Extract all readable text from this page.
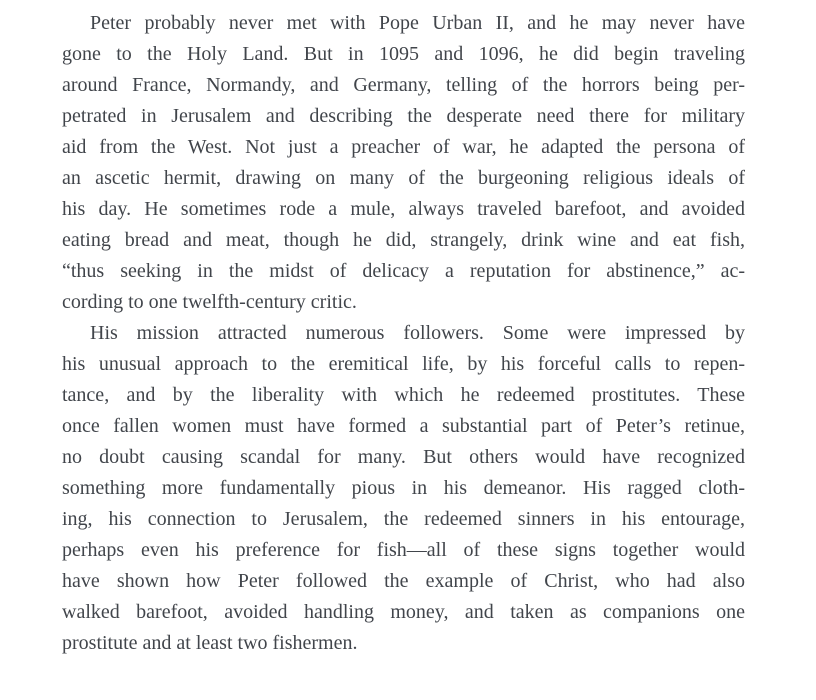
Peter probably never met with Pope Urban II, and he may never have
gone to the Holy Land. But in 1095 and 1096, he did begin traveling
around France, Normandy, and Germany, telling of the horrors being per-
petrated in Jerusalem and describing the desperate need there for military
aid from the West. Not just a preacher of war, he adapted the persona of
an ascetic hermit, drawing on many of the burgeoning religious ideals of
his day. He sometimes rode a mule, always traveled barefoot, and avoided
eating bread and meat, though he did, strangely, drink wine and eat fish,
“thus seeking in the midst of delicacy a reputation for abstinence,” ac-
cording to one twelfth-century critic.
His mission attracted numerous followers. Some were impressed by
his unusual approach to the eremitical life, by his forceful calls to repen-
tance, and by the liberality with which he redeemed prostitutes. These
once fallen women must have formed a substantial part of Peter’s retinue,
no doubt causing scandal for many. But others would have recognized
something more fundamentally pious in his demeanor. His ragged cloth-
ing, his connection to Jerusalem, the redeemed sinners in his entourage,
perhaps even his preference for fish—all of these signs together would
have shown how Peter followed the example of Christ, who had also
walked barefoot, avoided handling money, and taken as companions one
prostitute and at least two fishermen.
